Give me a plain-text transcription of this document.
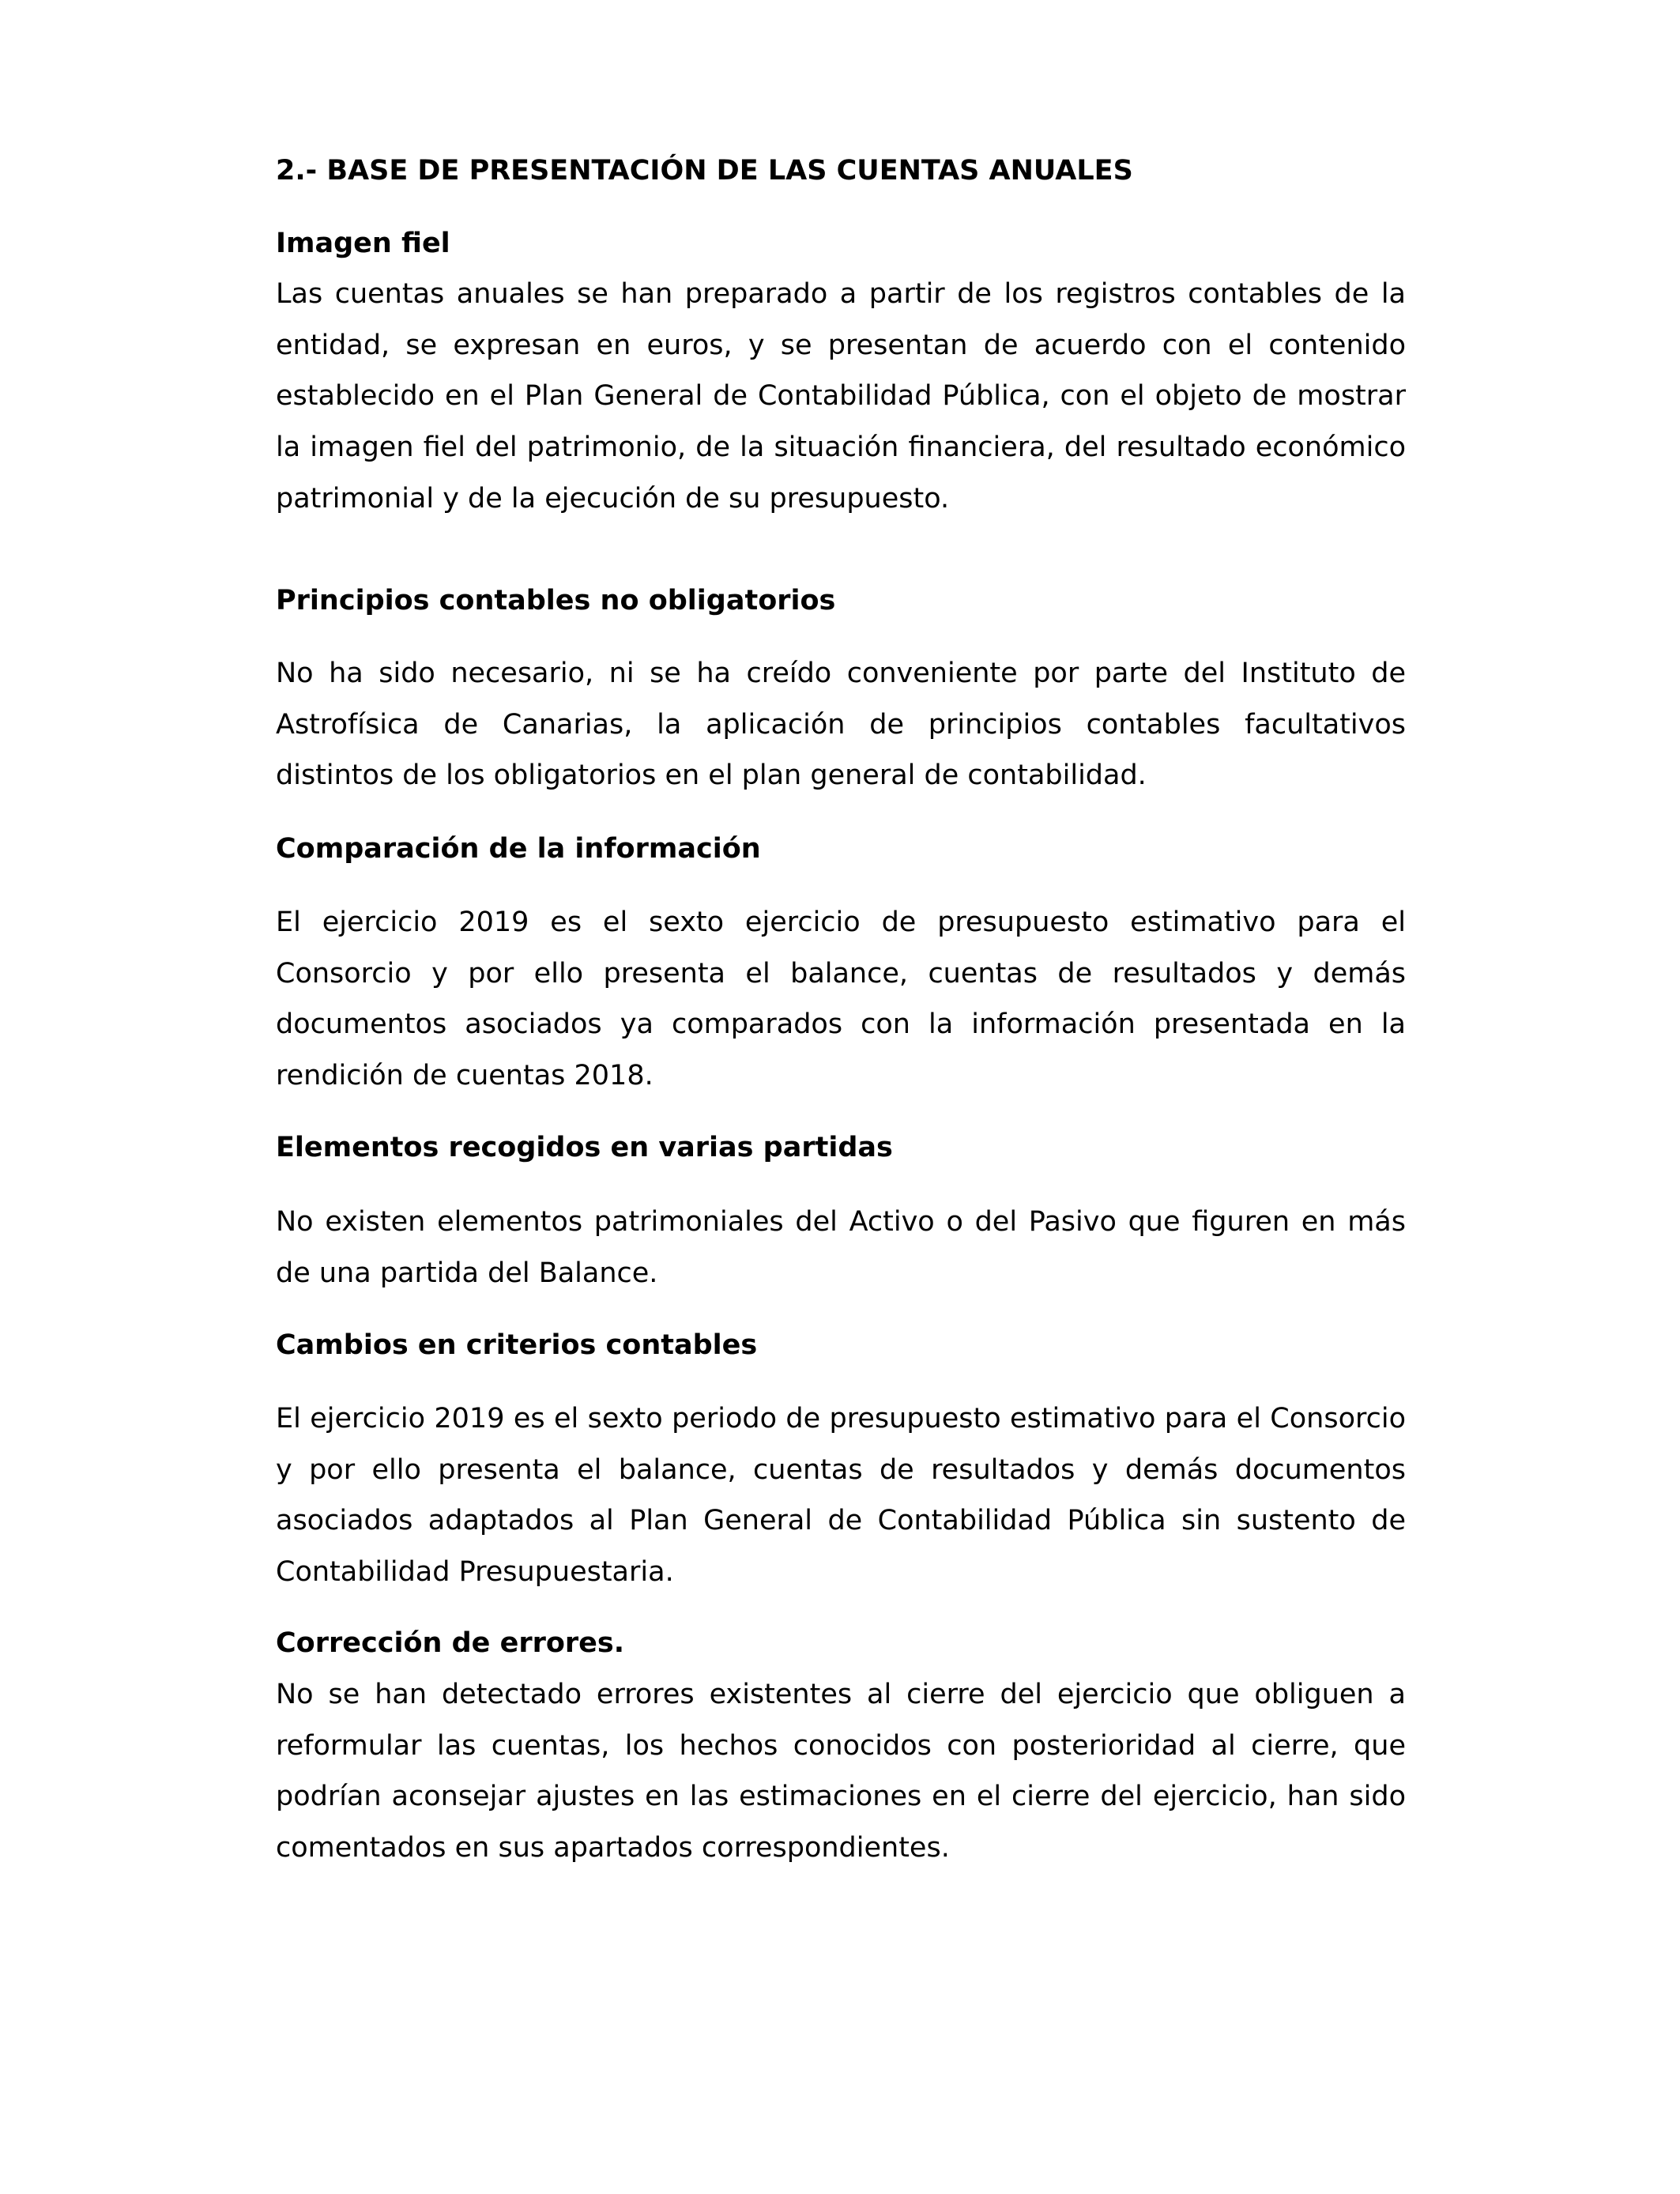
2.- BASE DE PRESENTACIÓN DE LAS CUENTAS ANUALES
Imagen fiel

Las cuentas anuales se han preparado a partir de los registros contables de la entidad, se expresan en euros, y se presentan de acuerdo con el contenido establecido en el Plan General de Contabilidad Pública, con el objeto de mostrar la imagen fiel del patrimonio, de la situación financiera, del resultado económico patrimonial y de la ejecución de su presupuesto.

Principios contables no obligatorios

No ha sido necesario, ni se ha creído conveniente por parte del Instituto de Astrofísica de Canarias, la aplicación de principios contables facultativos distintos de los obligatorios en el plan general de contabilidad.

Comparación de la información

El ejercicio 2019 es el sexto ejercicio de presupuesto estimativo para el Consorcio y por ello presenta el balance, cuentas de resultados y demás documentos asociados ya comparados con la información presentada en la rendición de cuentas 2018.

Elementos recogidos en varias partidas

No existen elementos patrimoniales del Activo o del Pasivo que figuren en más de una partida del Balance.

Cambios en criterios contables

El ejercicio 2019 es el sexto periodo de presupuesto estimativo para el Consorcio y por ello presenta el balance, cuentas de resultados y demás documentos asociados adaptados al Plan General de Contabilidad Pública sin sustento de Contabilidad Presupuestaria.

Corrección de errores.

No se han detectado errores existentes al cierre del ejercicio que obliguen a reformular las cuentas, los hechos conocidos con posterioridad al cierre, que podrían aconsejar ajustes en las estimaciones en el cierre del ejercicio, han sido comentados en sus apartados correspondientes.
